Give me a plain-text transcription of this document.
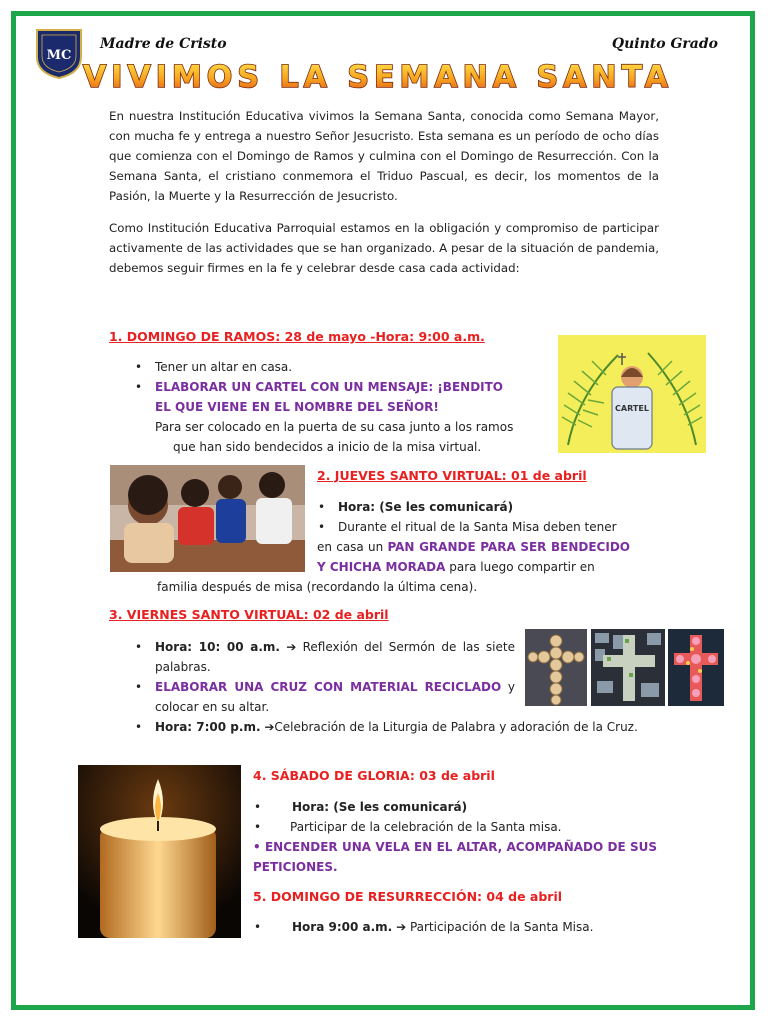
MC
Madre de Cristo	Quinto Grado
VIVIMOS LA SEMANA SANTA

En nuestra Institución Educativa vivimos la Semana Santa, conocida como Semana Mayor, con mucha fe y entrega a nuestro Señor Jesucristo. Esta semana es un período de ocho días que comienza con el Domingo de Ramos y culmina con el Domingo de Resurrección. Con la Semana Santa, el cristiano conmemora el Triduo Pascual, es decir, los momentos de la Pasión, la Muerte y la Resurrección de Jesucristo.

Como Institución Educativa Parroquial estamos en la obligación y compromiso de participar activamente de las actividades que se han organizado. A pesar de la situación de pandemia, debemos seguir firmes en la fe y celebrar desde casa cada actividad:

1. DOMINGO DE RAMOS: 28 de mayo -Hora: 9:00 a.m.
• Tener un altar en casa.
• ELABORAR UN CARTEL CON UN MENSAJE: ¡BENDITO
EL QUE VIENE EN EL NOMBRE DEL SEÑOR!
Para ser colocado en la puerta de su casa junto a los ramos
que han sido bendecidos a inicio de la misa virtual.
CARTEL
2. JUEVES SANTO VIRTUAL: 01 de abril
• Hora: (Se les comunicará)
• Durante el ritual de la Santa Misa deben tener
en casa un PAN GRANDE PARA SER BENDECIDO Y CHICHA MORADA para luego compartir en
familia después de misa (recordando la última cena).
3. VIERNES SANTO VIRTUAL: 02 de abril
• Hora: 10: 00 a.m. ➔ Reflexión del Sermón de las siete palabras.
• ELABORAR UNA CRUZ CON MATERIAL RECICLADO y colocar en su altar.
• Hora: 7:00 p.m. ➔Celebración de la Liturgia de Palabra y adoración de la Cruz.
4. SÁBADO DE GLORIA: 03 de abril
•	Hora: (Se les comunicará)
• Participar de la celebración de la Santa misa.
• ENCENDER UNA VELA EN EL ALTAR, ACOMPAÑADO DE SUS PETICIONES.
5. DOMINGO DE RESURRECCIÓN: 04 de abril
•	Hora 9:00 a.m. ➔ Participación de la Santa Misa.
